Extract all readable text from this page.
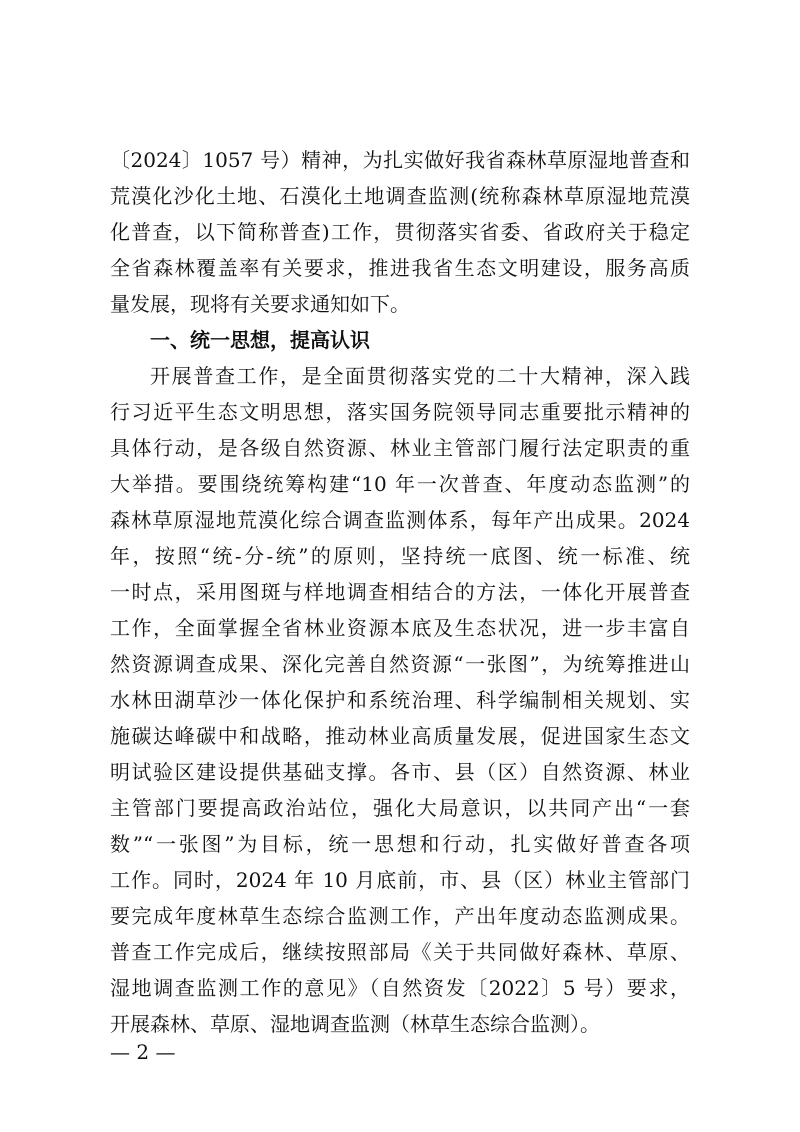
〔2024〕1057 号）精神，为扎实做好我省森林草原湿地普查和
荒漠化沙化土地、石漠化土地调查监测(统称森林草原湿地荒漠
化普查，以下简称普查)工作，贯彻落实省委、省政府关于稳定
全省森林覆盖率有关要求，推进我省生态文明建设，服务高质
量发展，现将有关要求通知如下。
一、统一思想，提高认识
开展普查工作，是全面贯彻落实党的二十大精神，深入践
行习近平生态文明思想，落实国务院领导同志重要批示精神的
具体行动，是各级自然资源、林业主管部门履行法定职责的重
大举措。要围绕统筹构建“10 年一次普查、年度动态监测”的
森林草原湿地荒漠化综合调查监测体系，每年产出成果。2024
年，按照“统-分-统”的原则，坚持统一底图、统一标准、统
一时点，采用图斑与样地调查相结合的方法，一体化开展普查
工作，全面掌握全省林业资源本底及生态状况，进一步丰富自
然资源调查成果、深化完善自然资源“一张图”，为统筹推进山
水林田湖草沙一体化保护和系统治理、科学编制相关规划、实
施碳达峰碳中和战略，推动林业高质量发展，促进国家生态文
明试验区建设提供基础支撑。各市、县（区）自然资源、林业
主管部门要提高政治站位，强化大局意识，以共同产出“一套
数”“一张图”为目标，统一思想和行动，扎实做好普查各项
工作。同时，2024 年 10 月底前，市、县（区）林业主管部门
要完成年度林草生态综合监测工作，产出年度动态监测成果。
普查工作完成后，继续按照部局《关于共同做好森林、草原、
湿地调查监测工作的意见》（自然资发〔2022〕5 号）要求，
开展森林、草原、湿地调查监测（林草生态综合监测）。
— 2 —
